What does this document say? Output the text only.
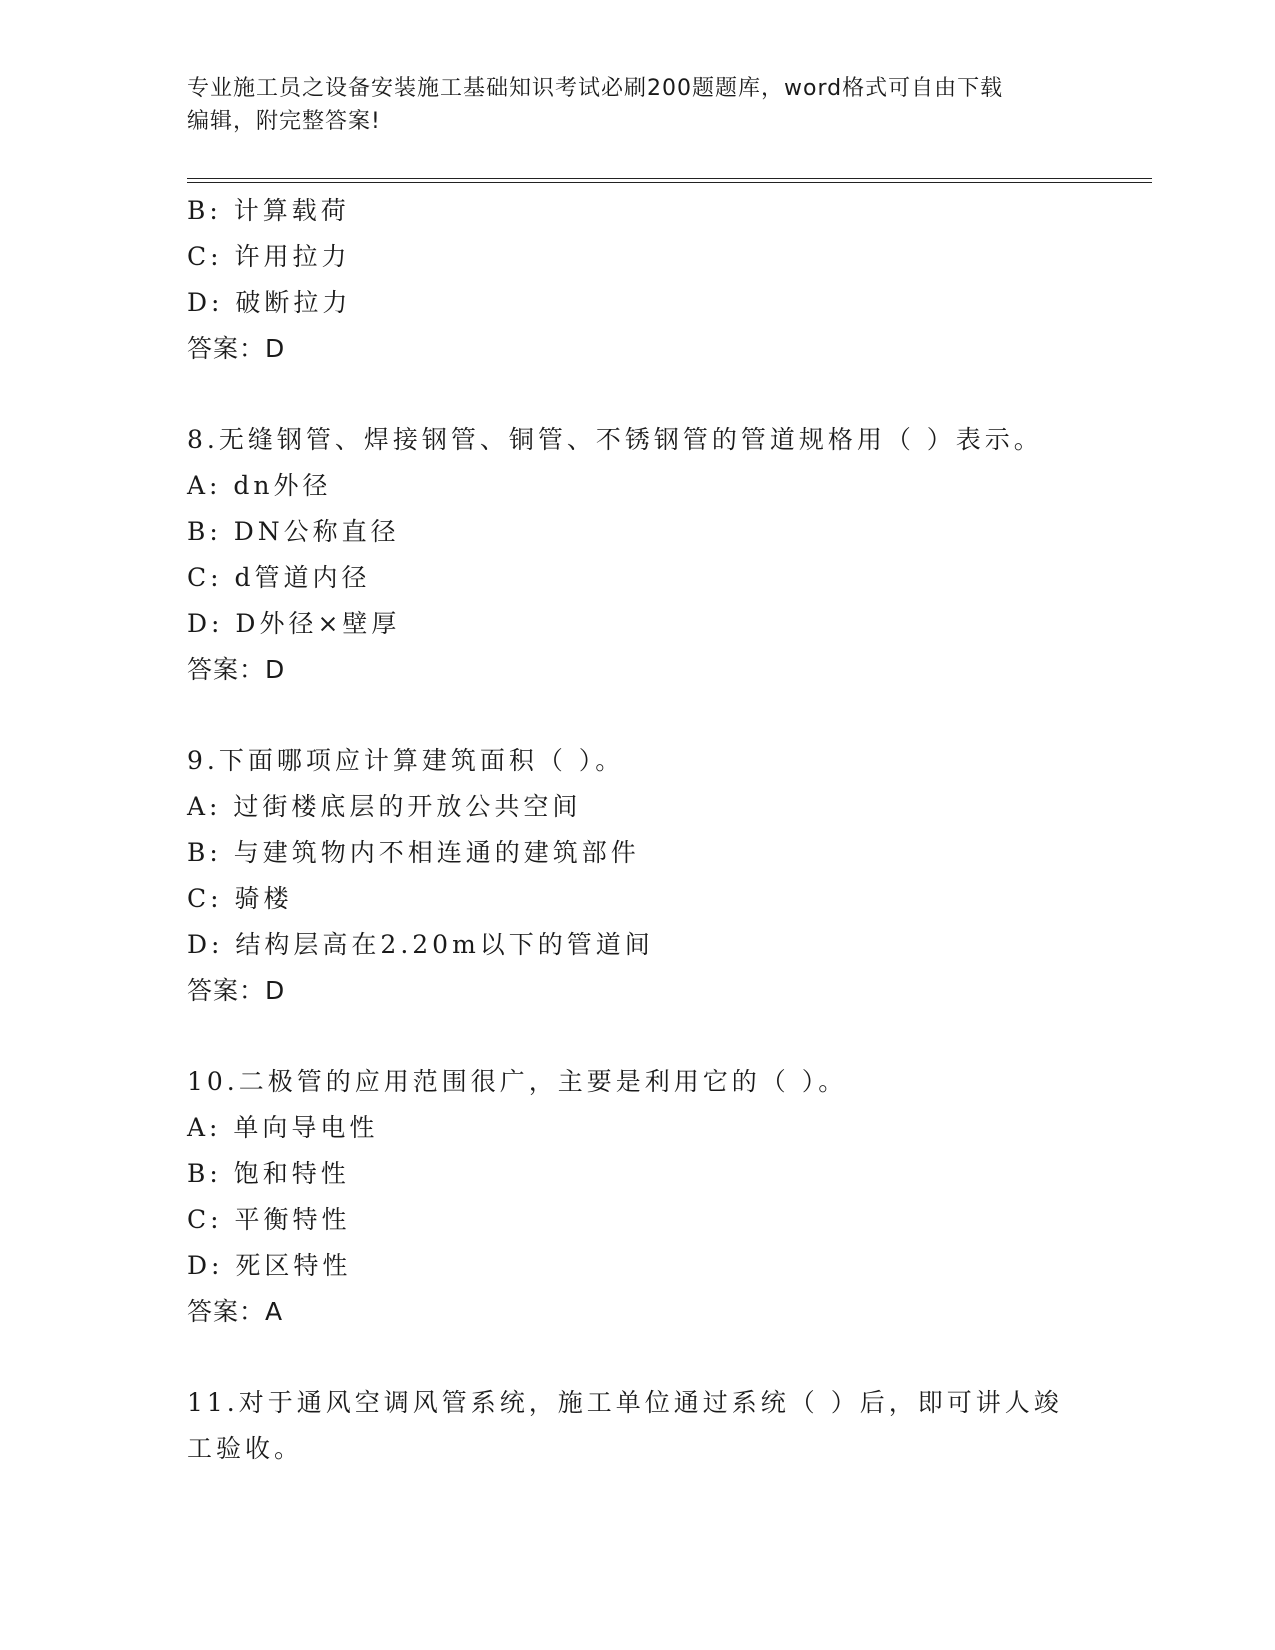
专业施工员之设备安装施工基础知识考试必刷200题题库，word格式可自由下载
编辑，附完整答案!
B: 计算载荷
C: 许用拉力
D: 破断拉力
答案：D
8.无缝钢管、焊接钢管、铜管、不锈钢管的管道规格用（ ）表示。
A: dn外径
B: DN公称直径
C: d管道内径
D: D外径×壁厚
答案：D
9.下面哪项应计算建筑面积（ ）。
A: 过街楼底层的开放公共空间
B: 与建筑物内不相连通的建筑部件
C: 骑楼
D: 结构层高在2.20m以下的管道间
答案：D
10.二极管的应用范围很广，主要是利用它的（ ）。
A: 单向导电性
B: 饱和特性
C: 平衡特性
D: 死区特性
答案：A
11.对于通风空调风管系统，施工单位通过系统（ ）后，即可讲人竣
工验收。
